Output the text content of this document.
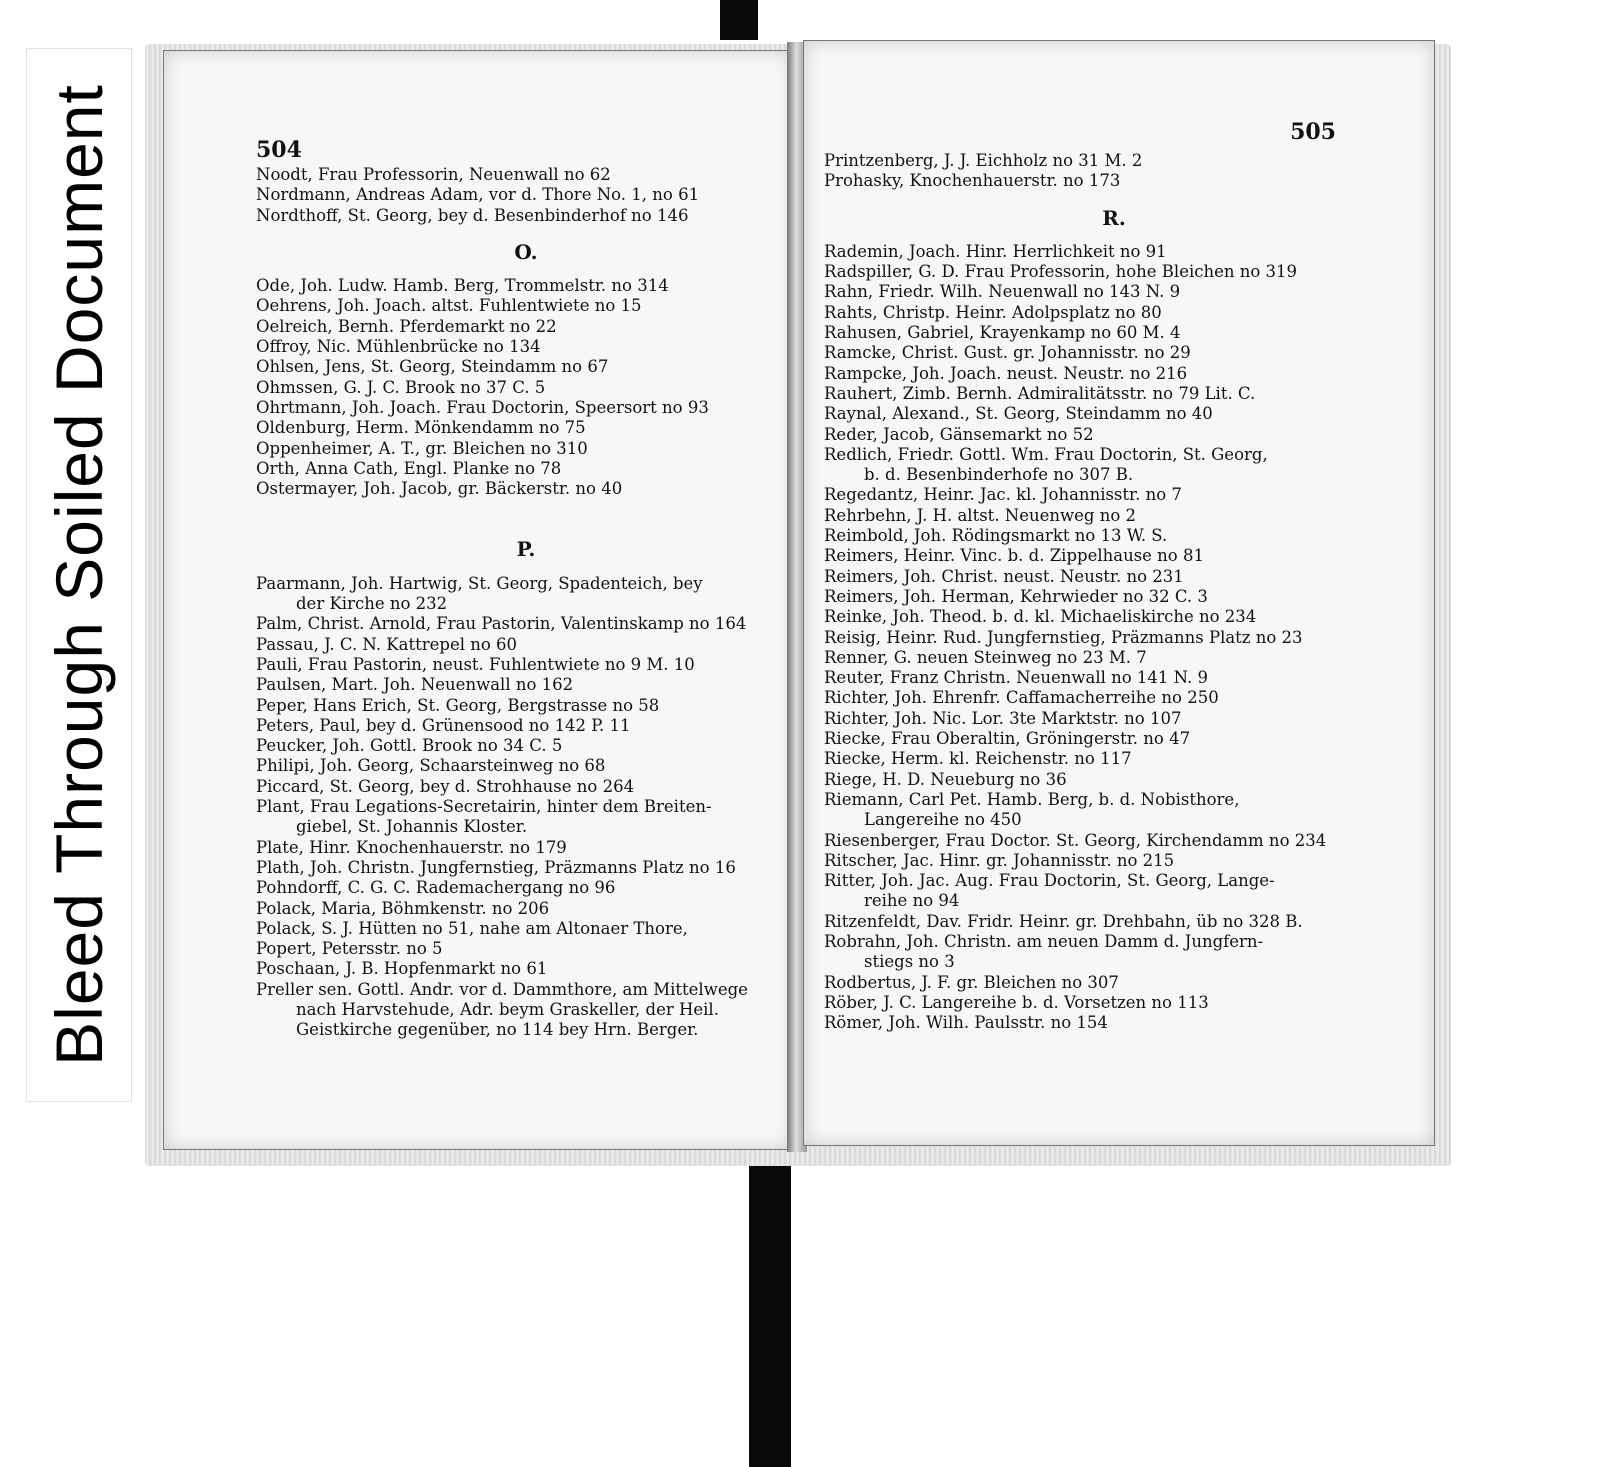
Bleed Through Soiled Document	504
Noodt, Frau Professorin, Neuenwall no 62
Nordmann, Andreas Adam, vor d. Thore No. 1, no 61
Nordthoff, St. Georg, bey d. Besenbinderhof no 146
O.
Ode, Joh. Ludw. Hamb. Berg, Trommelstr. no 314
Oehrens, Joh. Joach. altst. Fuhlentwiete no 15
Oelreich, Bernh. Pferdemarkt no 22
Offroy, Nic. Mühlenbrücke no 134
Ohlsen, Jens, St. Georg, Steindamm no 67
Ohmssen, G. J. C. Brook no 37 C. 5
Ohrtmann, Joh. Joach. Frau Doctorin, Speersort no 93
Oldenburg, Herm. Mönkendamm no 75
Oppenheimer, A. T., gr. Bleichen no 310
Orth, Anna Cath, Engl. Planke no 78
Ostermayer, Joh. Jacob, gr. Bäckerstr. no 40
P.
Paarmann, Joh. Hartwig, St. Georg, Spadenteich, bey
der Kirche no 232
Palm, Christ. Arnold, Frau Pastorin, Valentinskamp no 164
Passau, J. C. N. Kattrepel no 60
Pauli, Frau Pastorin, neust. Fuhlentwiete no 9 M. 10
Paulsen, Mart. Joh. Neuenwall no 162
Peper, Hans Erich, St. Georg, Bergstrasse no 58
Peters, Paul, bey d. Grünensood no 142 P. 11
Peucker, Joh. Gottl. Brook no 34 C. 5
Philipi, Joh. Georg, Schaarsteinweg no 68
Piccard, St. Georg, bey d. Strohhause no 264
Plant, Frau Legations-Secretairin, hinter dem Breiten-
giebel, St. Johannis Kloster.
Plate, Hinr. Knochenhauerstr. no 179
Plath, Joh. Christn. Jungfernstieg, Präzmanns Platz no 16
Pohndorff, C. G. C. Rademachergang no 96
Polack, Maria, Böhmkenstr. no 206
Polack, S. J. Hütten no 51, nahe am Altonaer Thore,
Popert, Petersstr. no 5
Poschaan, J. B. Hopfenmarkt no 61
Preller sen. Gottl. Andr. vor d. Dammthore, am Mittelwege
nach Harvstehude, Adr. beym Graskeller, der Heil.
Geistkirche gegenüber, no 114 bey Hrn. Berger.
505
Printzenberg, J. J. Eichholz no 31 M. 2
Prohasky, Knochenhauerstr. no 173
R.
Rademin, Joach. Hinr. Herrlichkeit no 91
Radspiller, G. D. Frau Professorin, hohe Bleichen no 319
Rahn, Friedr. Wilh. Neuenwall no 143 N. 9
Rahts, Christp. Heinr. Adolpsplatz no 80
Rahusen, Gabriel, Krayenkamp no 60 M. 4
Ramcke, Christ. Gust. gr. Johannisstr. no 29
Rampcke, Joh. Joach. neust. Neustr. no 216
Rauhert, Zimb. Bernh. Admiralitätsstr. no 79 Lit. C.
Raynal, Alexand., St. Georg, Steindamm no 40
Reder, Jacob, Gänsemarkt no 52
Redlich, Friedr. Gottl. Wm. Frau Doctorin, St. Georg,
b. d. Besenbinderhofe no 307 B.
Regedantz, Heinr. Jac. kl. Johannisstr. no 7
Rehrbehn, J. H. altst. Neuenweg no 2
Reimbold, Joh. Rödingsmarkt no 13 W. S.
Reimers, Heinr. Vinc. b. d. Zippelhause no 81
Reimers, Joh. Christ. neust. Neustr. no 231
Reimers, Joh. Herman, Kehrwieder no 32 C. 3
Reinke, Joh. Theod. b. d. kl. Michaeliskirche no 234
Reisig, Heinr. Rud. Jungfernstieg, Präzmanns Platz no 23
Renner, G. neuen Steinweg no 23 M. 7
Reuter, Franz Christn. Neuenwall no 141 N. 9
Richter, Joh. Ehrenfr. Caffamacherreihe no 250
Richter, Joh. Nic. Lor. 3te Marktstr. no 107
Riecke, Frau Oberaltin, Gröningerstr. no 47
Riecke, Herm. kl. Reichenstr. no 117
Riege, H. D. Neueburg no 36
Riemann, Carl Pet. Hamb. Berg, b. d. Nobisthore,
Langereihe no 450
Riesenberger, Frau Doctor. St. Georg, Kirchendamm no 234
Ritscher, Jac. Hinr. gr. Johannisstr. no 215
Ritter, Joh. Jac. Aug. Frau Doctorin, St. Georg, Lange-
reihe no 94
Ritzenfeldt, Dav. Fridr. Heinr. gr. Drehbahn, üb no 328 B.
Robrahn, Joh. Christn. am neuen Damm d. Jungfern-
stiegs no 3
Rodbertus, J. F. gr. Bleichen no 307
Röber, J. C. Langereihe b. d. Vorsetzen no 113
Römer, Joh. Wilh. Paulsstr. no 154
